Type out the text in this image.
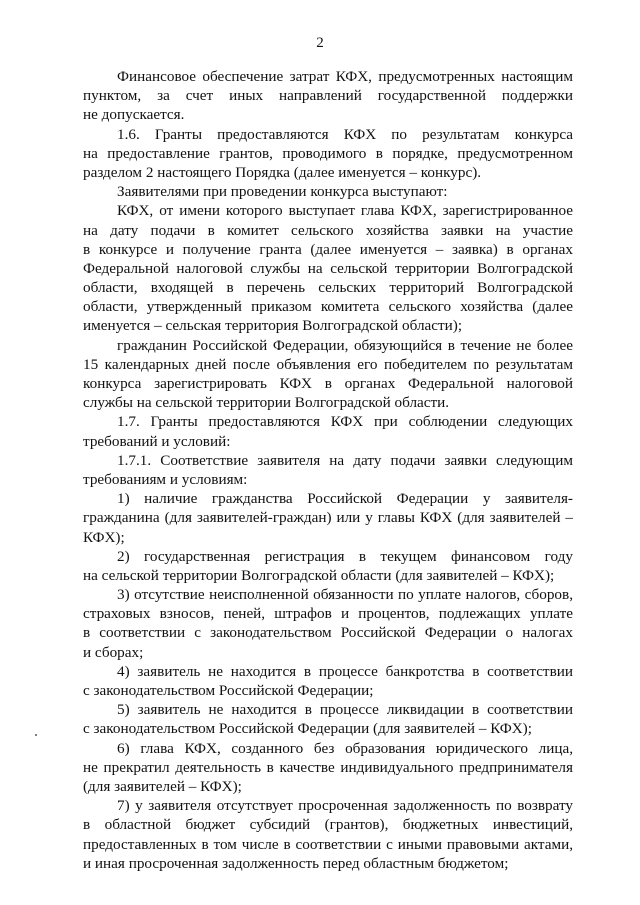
2
Финансовое обеспечение затрат КФХ, предусмотренных настоящим
пунктом, за счет иных направлений государственной поддержки
не допускается.
1.6. Гранты предоставляются КФХ по результатам конкурса
на предоставление грантов, проводимого в порядке, предусмотренном
разделом 2 настоящего Порядка (далее именуется – конкурс).
Заявителями при проведении конкурса выступают:
КФХ, от имени которого выступает глава КФХ, зарегистрированное
на дату подачи в комитет сельского хозяйства заявки на участие
в конкурсе и получение гранта (далее именуется – заявка) в органах
Федеральной налоговой службы на сельской территории Волгоградской
области, входящей в перечень сельских территорий Волгоградской
области, утвержденный приказом комитета сельского хозяйства (далее
именуется – сельская территория Волгоградской области);
гражданин Российской Федерации, обязующийся в течение не более
15 календарных дней после объявления его победителем по результатам
конкурса зарегистрировать КФХ в органах Федеральной налоговой
службы на сельской территории Волгоградской области.
1.7. Гранты предоставляются КФХ при соблюдении следующих
требований и условий:
1.7.1. Соответствие заявителя на дату подачи заявки следующим
требованиям и условиям:
1) наличие гражданства Российской Федерации у заявителя-
гражданина (для заявителей-граждан) или у главы КФХ (для заявителей –
КФХ);
2) государственная регистрация в текущем финансовом году
на сельской территории Волгоградской области (для заявителей – КФХ);
3) отсутствие неисполненной обязанности по уплате налогов, сборов,
страховых взносов, пеней, штрафов и процентов, подлежащих уплате
в соответствии с законодательством Российской Федерации о налогах
и сборах;
4) заявитель не находится в процессе банкротства в соответствии
с законодательством Российской Федерации;
5) заявитель не находится в процессе ликвидации в соответствии
с законодательством Российской Федерации (для заявителей – КФХ);
6) глава КФХ, созданного без образования юридического лица,
не прекратил деятельность в качестве индивидуального предпринимателя
(для заявителей – КФХ);
7) у заявителя отсутствует просроченная задолженность по возврату
в областной бюджет субсидий (грантов), бюджетных инвестиций,
предоставленных в том числе в соответствии с иными правовыми актами,
и иная просроченная задолженность перед областным бюджетом;
